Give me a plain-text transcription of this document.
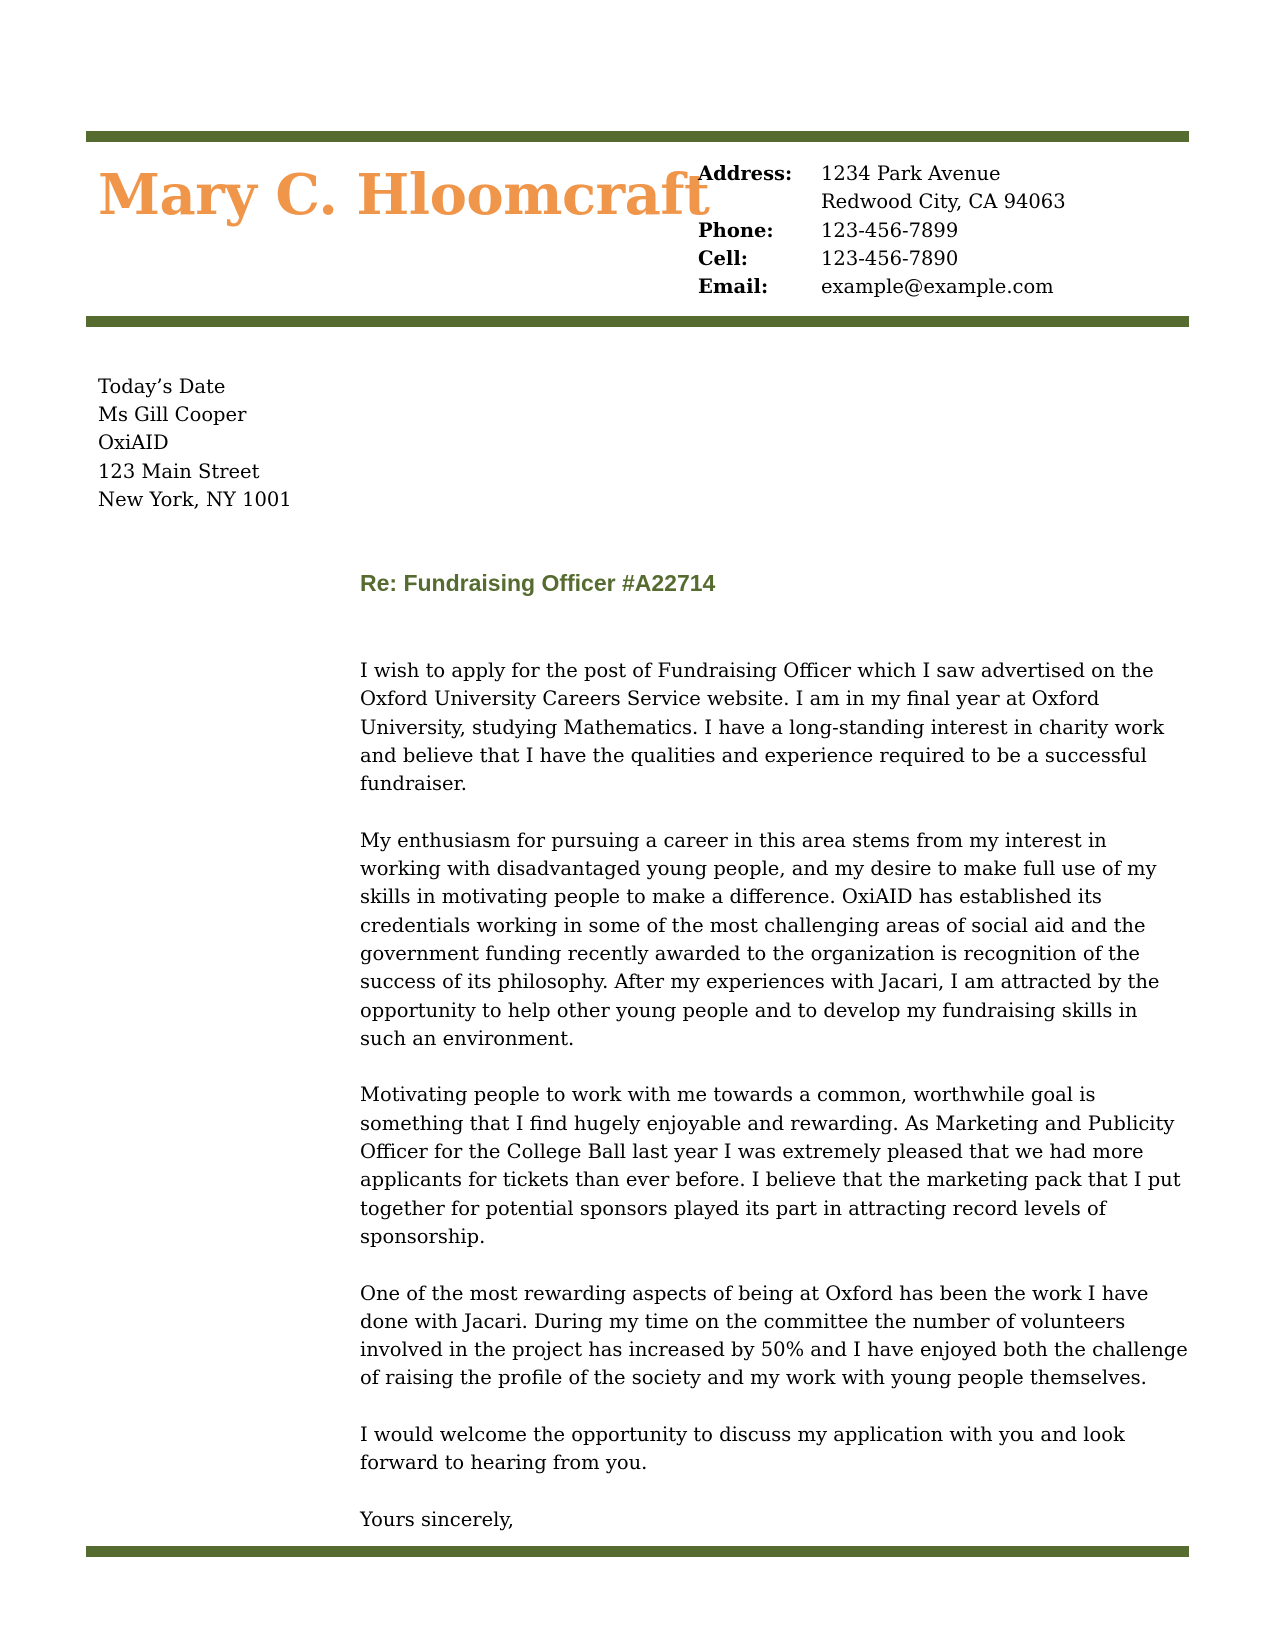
Mary C. Hloomcraft
Address:	1234 Park Avenue
Redwood City, CA 94063
Phone:	123-456-7899
Cell:	123-456-7890
Email:	example@example.com
Today’s Date
Ms Gill Cooper
OxiAID
123 Main Street
New York, NY 1001
Re: Fundraising Officer #A22714

I wish to apply for the post of Fundraising Officer which I saw advertised on the
Oxford University Careers Service website. I am in my final year at Oxford
University, studying Mathematics. I have a long-standing interest in charity work
and believe that I have the qualities and experience required to be a successful
fundraiser.

My enthusiasm for pursuing a career in this area stems from my interest in
working with disadvantaged young people, and my desire to make full use of my
skills in motivating people to make a difference. OxiAID has established its
credentials working in some of the most challenging areas of social aid and the
government funding recently awarded to the organization is recognition of the
success of its philosophy. After my experiences with Jacari, I am attracted by the
opportunity to help other young people and to develop my fundraising skills in
such an environment.

Motivating people to work with me towards a common, worthwhile goal is
something that I find hugely enjoyable and rewarding. As Marketing and Publicity
Officer for the College Ball last year I was extremely pleased that we had more
applicants for tickets than ever before. I believe that the marketing pack that I put
together for potential sponsors played its part in attracting record levels of
sponsorship.

One of the most rewarding aspects of being at Oxford has been the work I have
done with Jacari. During my time on the committee the number of volunteers
involved in the project has increased by 50% and I have enjoyed both the challenge
of raising the profile of the society and my work with young people themselves.

I would welcome the opportunity to discuss my application with you and look
forward to hearing from you.

Yours sincerely,
